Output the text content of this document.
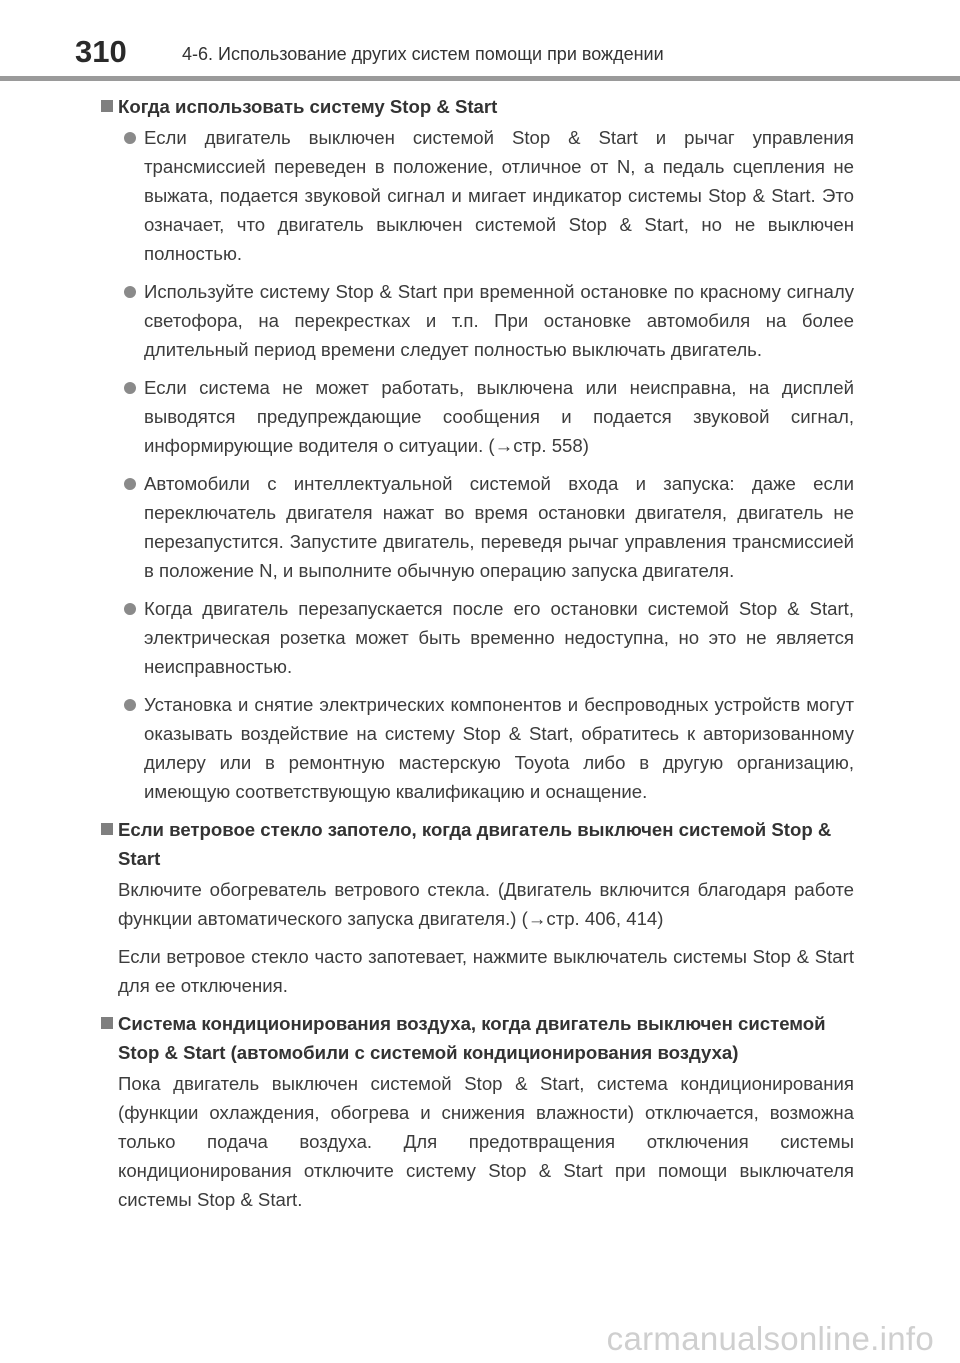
310	4-6. Использование других систем помощи при вождении
Когда использовать систему Stop & Start
Если двигатель выключен системой Stop & Start и рычаг управления трансмиссией переведен в положение, отличное от N, а педаль сцепления не выжата, подается звуковой сигнал и мигает индикатор системы Stop & Start. Это означает, что двигатель выключен системой Stop & Start, но не выключен полностью.
Используйте систему Stop & Start при временной остановке по красному сигналу светофора, на перекрестках и т.п. При остановке автомобиля на более длительный период времени следует полностью выключать двигатель.
Если система не может работать, выключена или неисправна, на дисплей выводятся предупреждающие сообщения и подается звуковой сигнал, информирующие водителя о ситуации. (→стр. 558)
Автомобили с интеллектуальной системой входа и запуска: даже если переключатель двигателя нажат во время остановки двигателя, двигатель не перезапустится. Запустите двигатель, переведя рычаг управления трансмиссией в положение N, и выполните обычную операцию запуска двигателя.
Когда двигатель перезапускается после его остановки системой Stop & Start, электрическая розетка может быть временно недоступна, но это не является неисправностью.
Установка и снятие электрических компонентов и беспроводных устройств могут оказывать воздействие на систему Stop & Start, обратитесь к авторизованному дилеру или в ремонтную мастерскую Toyota либо в другую организацию, имеющую соответствующую квалификацию и оснащение.
Если ветровое стекло запотело, когда двигатель выключен системой Stop & Start
Включите обогреватель ветрового стекла. (Двигатель включится благодаря работе функции автоматического запуска двигателя.) (→стр. 406, 414)
Если ветровое стекло часто запотевает, нажмите выключатель системы Stop & Start для ее отключения.
Система кондиционирования воздуха, когда двигатель выключен системой Stop & Start (автомобили с системой кондиционирования воздуха)
Пока двигатель выключен системой Stop & Start, система кондиционирования (функции охлаждения, обогрева и снижения влажности) отключается, возможна только подача воздуха. Для предотвращения отключения системы кондиционирования отключите систему Stop & Start при помощи выключателя системы Stop & Start.
carmanualsonline.info
